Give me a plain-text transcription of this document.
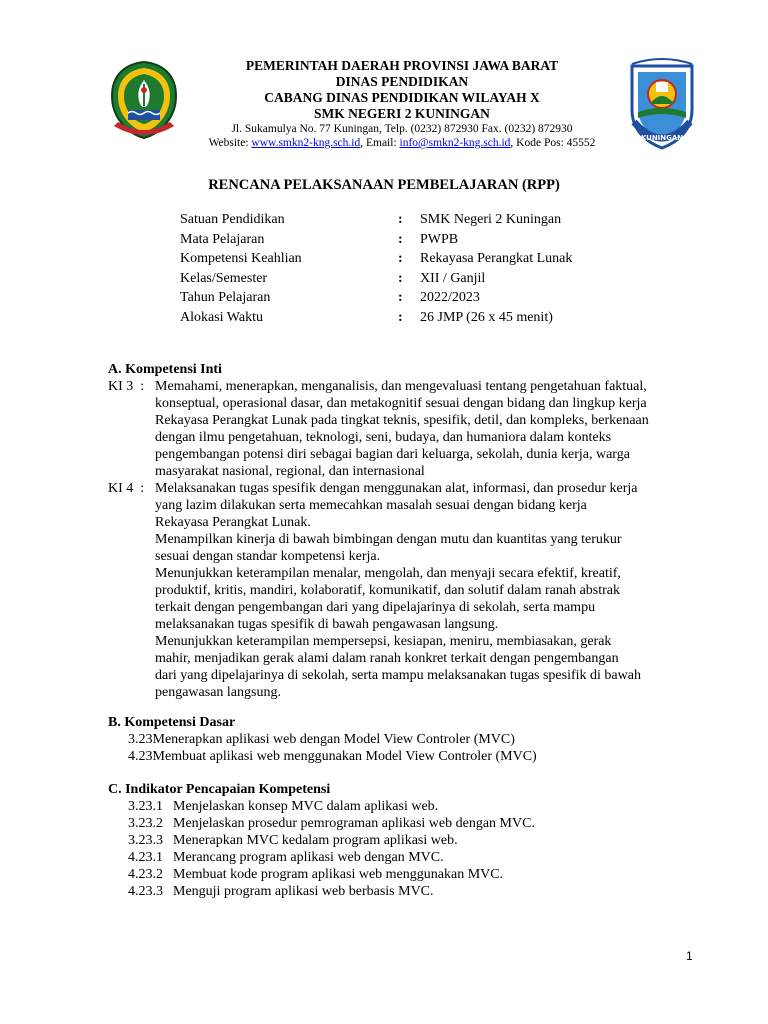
PEMERINTAH DAERAH PROVINSI JAWA BARAT
DINAS PENDIDIKAN
CABANG DINAS PENDIDIKAN WILAYAH X
SMK NEGERI 2 KUNINGAN
Jl. Sukamulya No. 77 Kuningan, Telp. (0232) 872930 Fax. (0232) 872930
Website: www.smkn2-kng.sch.id, Email: info@smkn2-kng.sch.id, Kode Pos: 45552	KUNINGAN
RENCANA PELAKSANAAN PEMBELAJARAN (RPP)
Satuan Pendidikan	: SMK Negeri 2 Kuningan
Mata Pelajaran	: PWPB
Kompetensi Keahlian	: Rekayasa Perangkat Lunak
Kelas/Semester	: XII / Ganjil
Tahun Pelajaran	: 2022/2023
Alokasi Waktu	: 26 JMP (26 x 45 menit)
A. Kompetensi Inti
KI 3 : Memahami, menerapkan, menganalisis, dan mengevaluasi tentang pengetahuan faktual,

konseptual, operasional dasar, dan metakognitif sesuai dengan bidang dan lingkup kerja

Rekayasa Perangkat Lunak pada tingkat teknis, spesifik, detil, dan kompleks, berkenaan

dengan ilmu pengetahuan, teknologi, seni, budaya, dan humaniora dalam konteks

pengembangan potensi diri sebagai bagian dari keluarga, sekolah, dunia kerja, warga

masyarakat nasional, regional, dan internasional

KI 4 : Melaksanakan tugas spesifik dengan menggunakan alat, informasi, dan prosedur kerja

yang lazim dilakukan serta memecahkan masalah sesuai dengan bidang kerja

Rekayasa Perangkat Lunak.

Menampilkan kinerja di bawah bimbingan dengan mutu dan kuantitas yang terukur

sesuai dengan standar kompetensi kerja.

Menunjukkan keterampilan menalar, mengolah, dan menyaji secara efektif, kreatif,

produktif, kritis, mandiri, kolaboratif, komunikatif, dan solutif dalam ranah abstrak

terkait dengan pengembangan dari yang dipelajarinya di sekolah, serta mampu

melaksanakan tugas spesifik di bawah pengawasan langsung.

Menunjukkan keterampilan mempersepsi, kesiapan, meniru, membiasakan, gerak

mahir, menjadikan gerak alami dalam ranah konkret terkait dengan pengembangan

dari yang dipelajarinya di sekolah, serta mampu melaksanakan tugas spesifik di bawah

pengawasan langsung.

B. Kompetensi Dasar
3.23Menerapkan aplikasi web dengan Model View Controler (MVC)
4.23Membuat aplikasi web menggunakan Model View Controler (MVC)
C. Indikator Pencapaian Kompetensi
3.23.1 Menjelaskan konsep MVC dalam aplikasi web.
3.23.2 Menjelaskan prosedur pemrograman aplikasi web dengan MVC.
3.23.3 Menerapkan MVC kedalam program aplikasi web.
4.23.1 Merancang program aplikasi web dengan MVC.
4.23.2 Membuat kode program aplikasi web menggunakan MVC.
4.23.3 Menguji program aplikasi web berbasis MVC.
1
